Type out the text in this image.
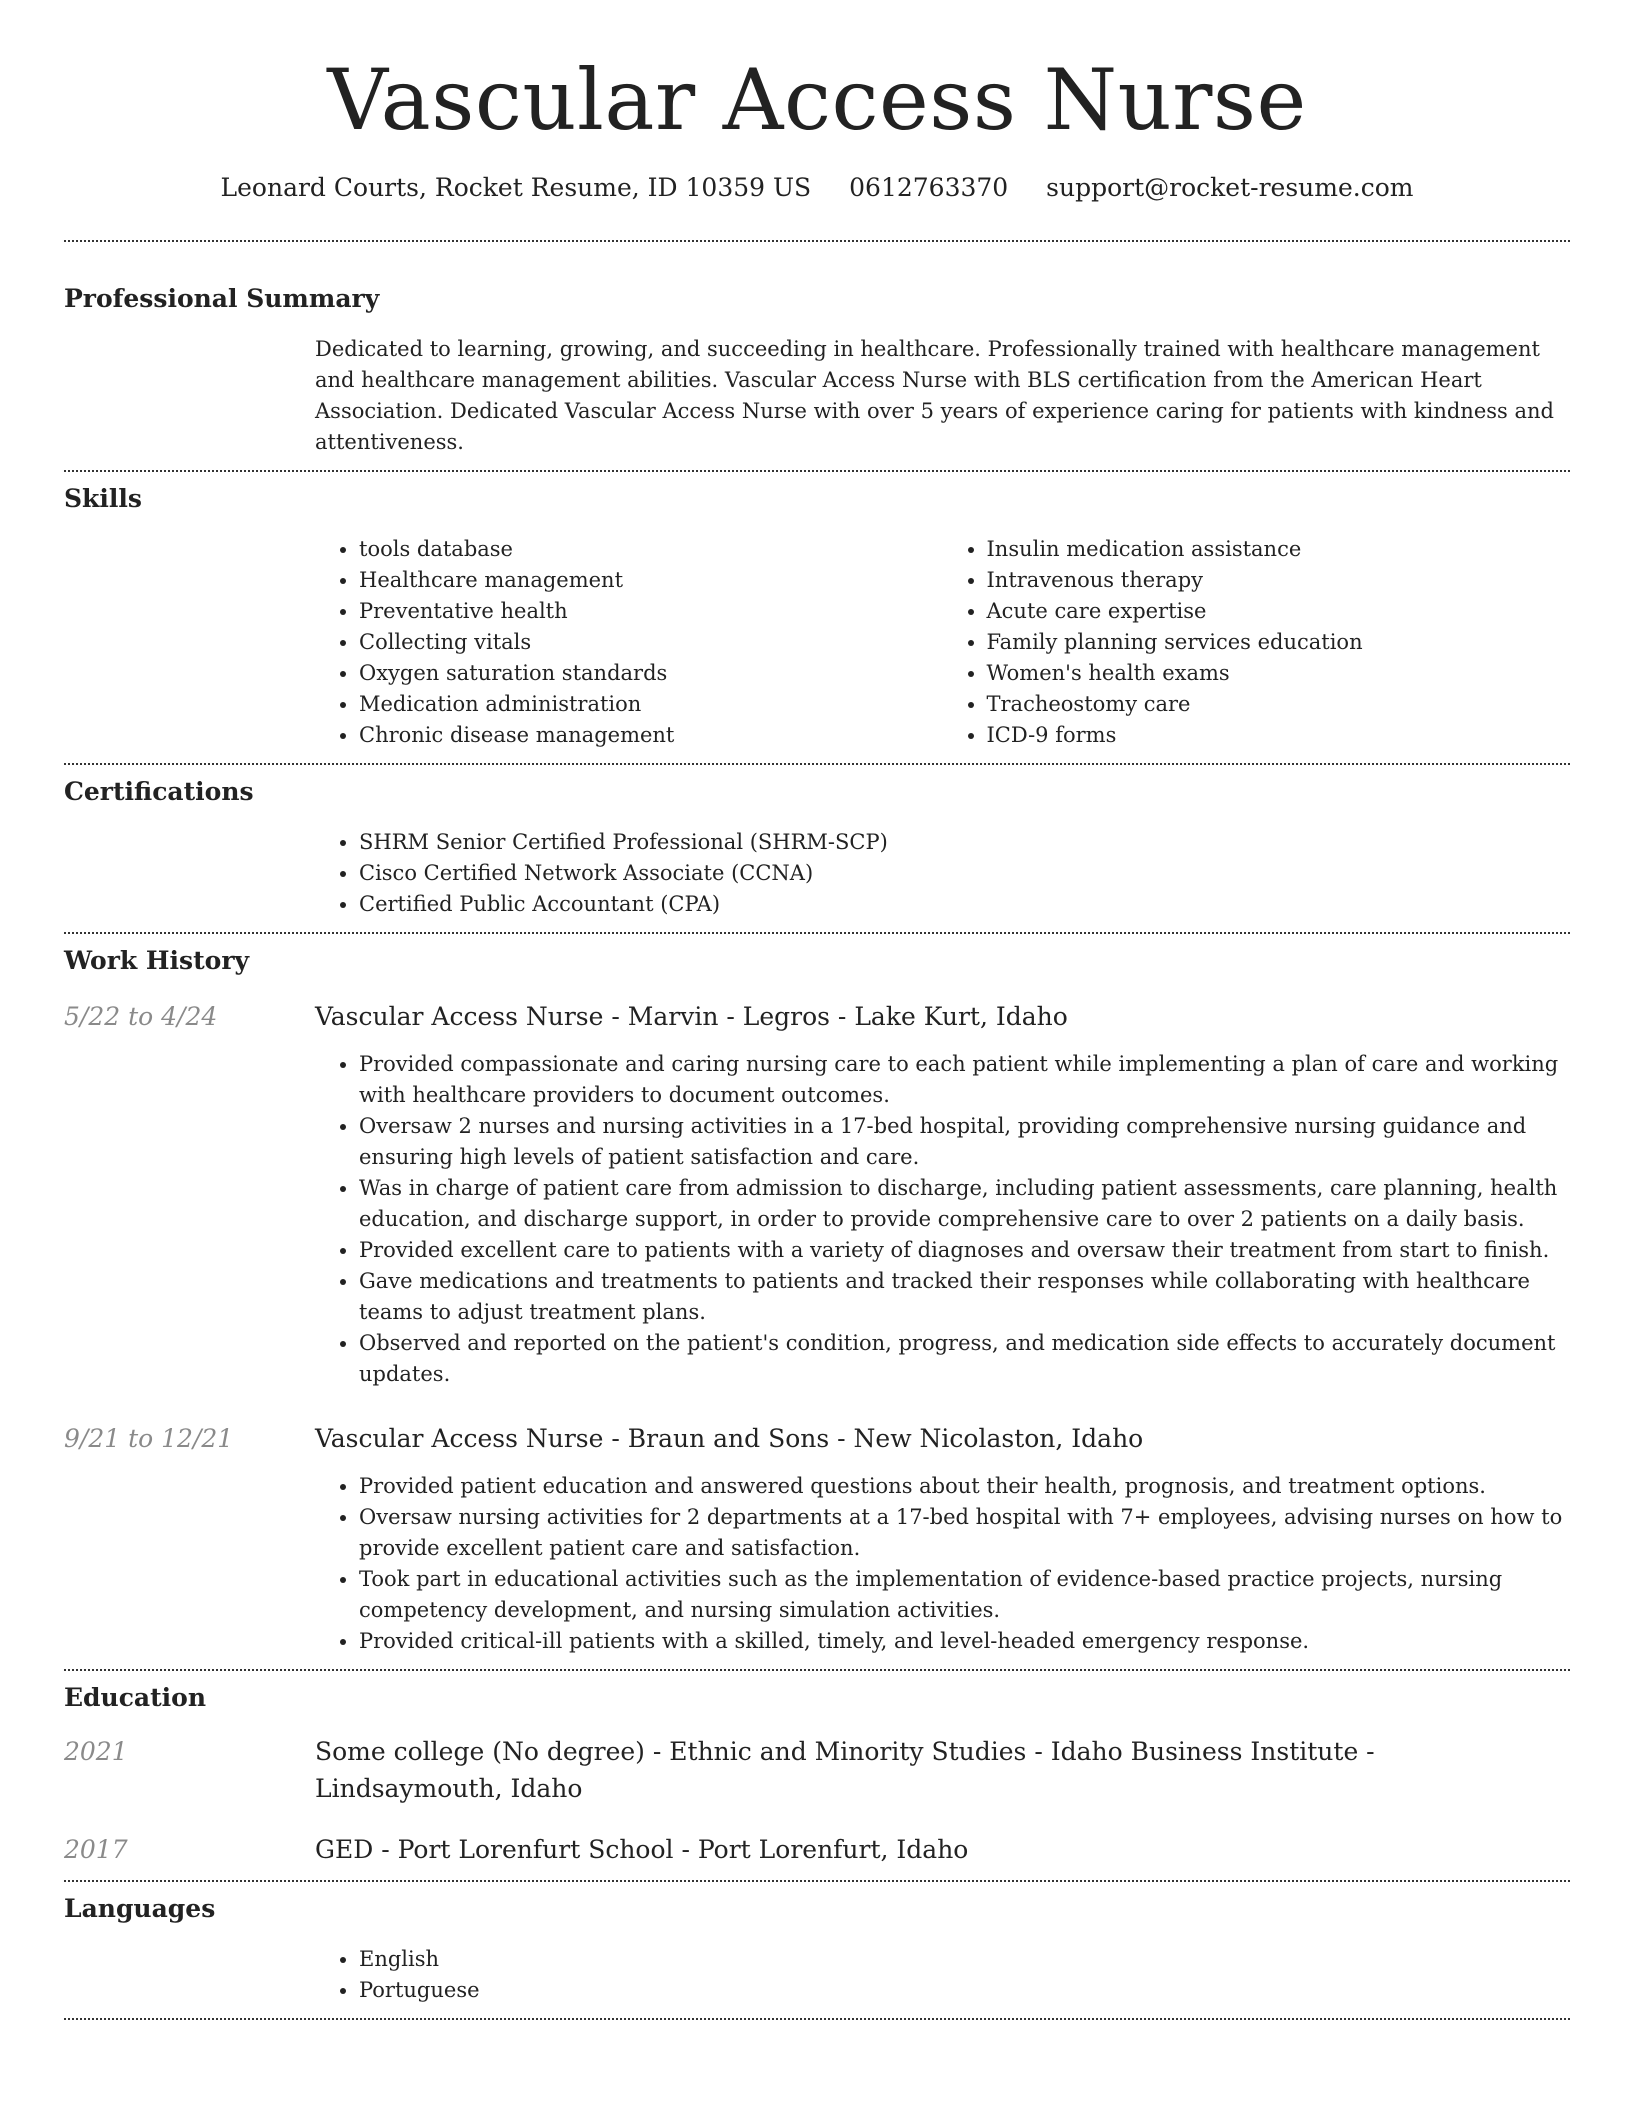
Vascular Access Nurse
Leonard Courts, Rocket Resume, ID 10359 US 0612763370 support@rocket-resume.com
Professional Summary
Dedicated to learning, growing, and succeeding in healthcare. Professionally trained with healthcare management and healthcare management abilities. Vascular Access Nurse with BLS certification from the American Heart Association. Dedicated Vascular Access Nurse with over 5 years of experience caring for patients with kindness and attentiveness.
Skills
• tools database
• Healthcare management
• Preventative health
• Collecting vitals
• Oxygen saturation standards
• Medication administration
• Chronic disease management
• Insulin medication assistance
• Intravenous therapy
• Acute care expertise
• Family planning services education
• Women's health exams
• Tracheostomy care
• ICD-9 forms
Certifications
• SHRM Senior Certified Professional (SHRM-SCP)
• Cisco Certified Network Associate (CCNA)
• Certified Public Accountant (CPA)
Work History
5/22 to 4/24	Vascular Access Nurse - Marvin - Legros - Lake Kurt, Idaho
• Provided compassionate and caring nursing care to each patient while implementing a plan of care and working with healthcare providers to document outcomes.
• Oversaw 2 nurses and nursing activities in a 17-bed hospital, providing comprehensive nursing guidance and ensuring high levels of patient satisfaction and care.
• Was in charge of patient care from admission to discharge, including patient assessments, care planning, health education, and discharge support, in order to provide comprehensive care to over 2 patients on a daily basis.
• Provided excellent care to patients with a variety of diagnoses and oversaw their treatment from start to finish.
• Gave medications and treatments to patients and tracked their responses while collaborating with healthcare teams to adjust treatment plans.
• Observed and reported on the patient's condition, progress, and medication side effects to accurately document updates.
9/21 to 12/21	Vascular Access Nurse - Braun and Sons - New Nicolaston, Idaho
• Provided patient education and answered questions about their health, prognosis, and treatment options.
• Oversaw nursing activities for 2 departments at a 17-bed hospital with 7+ employees, advising nurses on how to provide excellent patient care and satisfaction.
• Took part in educational activities such as the implementation of evidence-based practice projects, nursing competency development, and nursing simulation activities.
• Provided critical-ill patients with a skilled, timely, and level-headed emergency response.
Education
2021	Some college (No degree) - Ethnic and Minority Studies - Idaho Business Institute - Lindsaymouth, Idaho
2017	GED - Port Lorenfurt School - Port Lorenfurt, Idaho
Languages
• English
• Portuguese
